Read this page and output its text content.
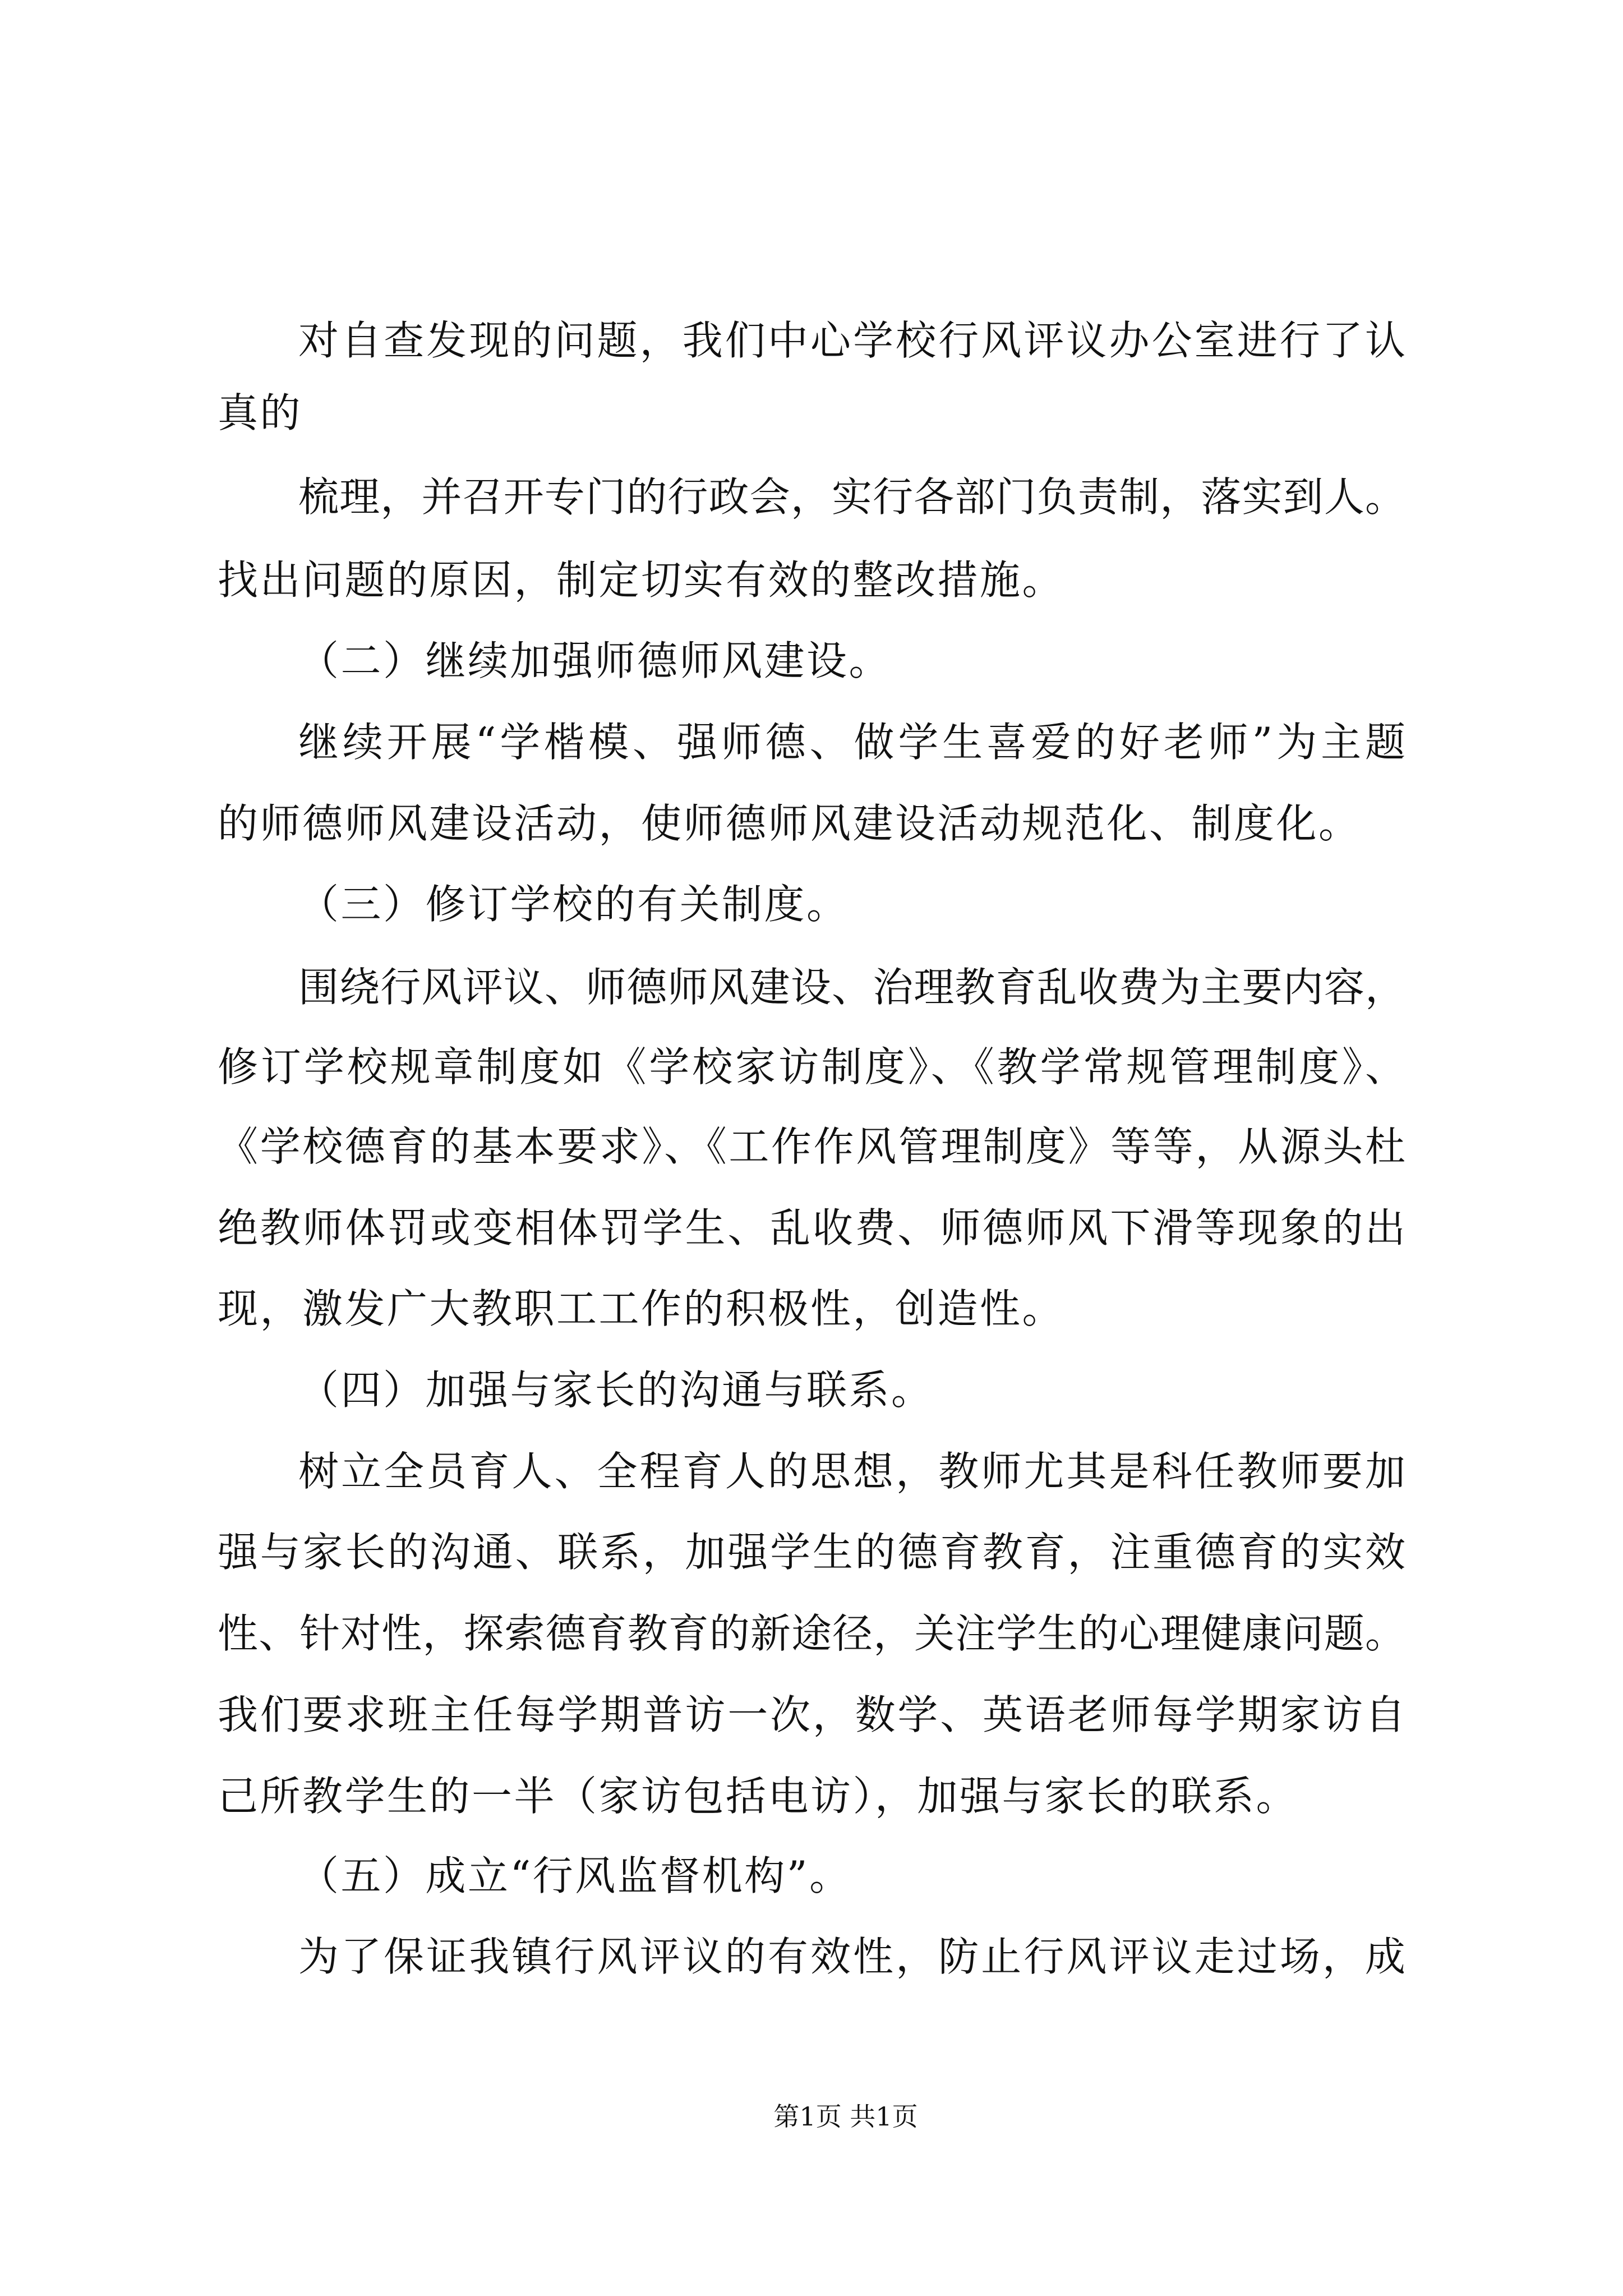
对自查发现的问题，我们中心学校行风评议办公室进行了认
真的
梳理，并召开专门的行政会，实行各部门负责制，落实到人。
找出问题的原因，制定切实有效的整改措施。
（二）继续加强师德师风建设。
继续开展“学楷模、强师德、做学生喜爱的好老师”为主题
的师德师风建设活动，使师德师风建设活动规范化、制度化。
（三）修订学校的有关制度。
围绕行风评议、师德师风建设、治理教育乱收费为主要内容，
修订学校规章制度如《学校家访制度》、《教学常规管理制度》、
《学校德育的基本要求》、《工作作风管理制度》等等，从源头杜
绝教师体罚或变相体罚学生、乱收费、师德师风下滑等现象的出
现，激发广大教职工工作的积极性，创造性。
（四）加强与家长的沟通与联系。
树立全员育人、全程育人的思想，教师尤其是科任教师要加
强与家长的沟通、联系，加强学生的德育教育，注重德育的实效
性、针对性，探索德育教育的新途径，关注学生的心理健康问题。
我们要求班主任每学期普访一次，数学、英语老师每学期家访自
己所教学生的一半（家访包括电访），加强与家长的联系。
（五）成立“行风监督机构”。
为了保证我镇行风评议的有效性，防止行风评议走过场，成
第1页 共1页
